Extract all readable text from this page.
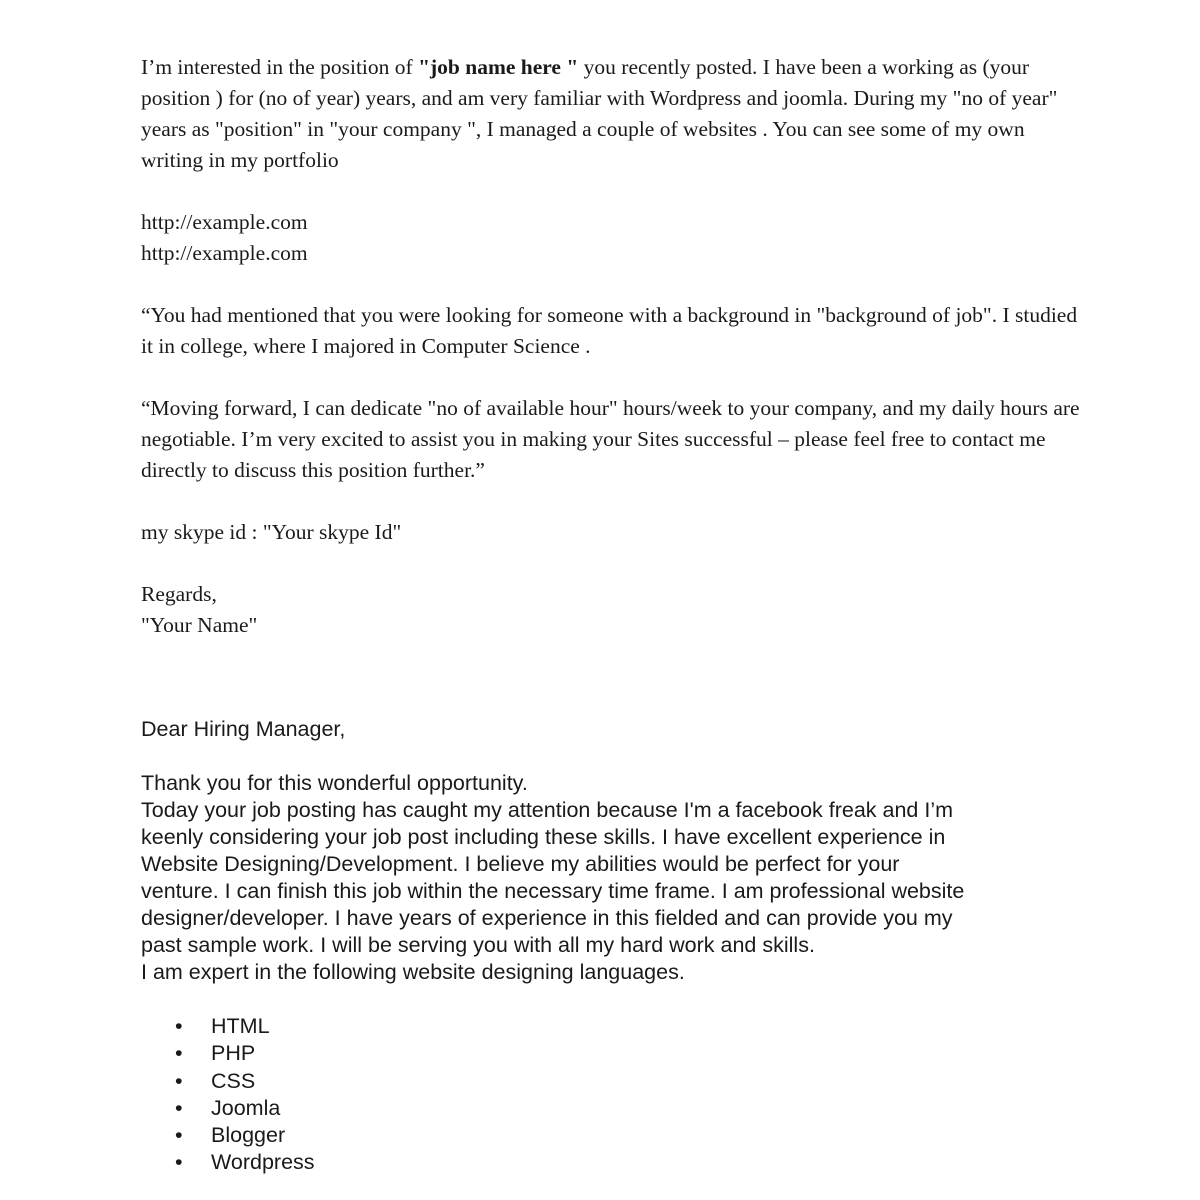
I’m interested in the position of "job name here " you recently posted. I have been a working as (your position ) for (no of year) years, and am very familiar with Wordpress and joomla. During my "no of year" years as "position" in "your company ", I managed a couple of websites . You can see some of my own writing in my portfolio

http://example.com
http://example.com

“You had mentioned that you were looking for someone with a background in "background of job". I studied it in college, where I majored in Computer Science .

“Moving forward, I can dedicate "no of available hour" hours/week to your company, and my daily hours are negotiable. I’m very excited to assist you in making your Sites successful – please feel free to contact me directly to discuss this position further.”

my skype id : "Your skype Id"

Regards,
"Your Name"

Dear Hiring Manager,

Thank you for this wonderful opportunity.

Today your job posting has caught my attention because I'm a facebook freak and I’m

keenly considering your job post including these skills. I have excellent experience in

Website Designing/Development. I believe my abilities would be perfect for your

venture. I can finish this job within the necessary time frame. I am professional website

designer/developer. I have years of experience in this fielded and can provide you my

past sample work. I will be serving you with all my hard work and skills.

I am expert in the following website designing languages.

• HTML
• PHP
• CSS
• Joomla
• Blogger
• Wordpress
